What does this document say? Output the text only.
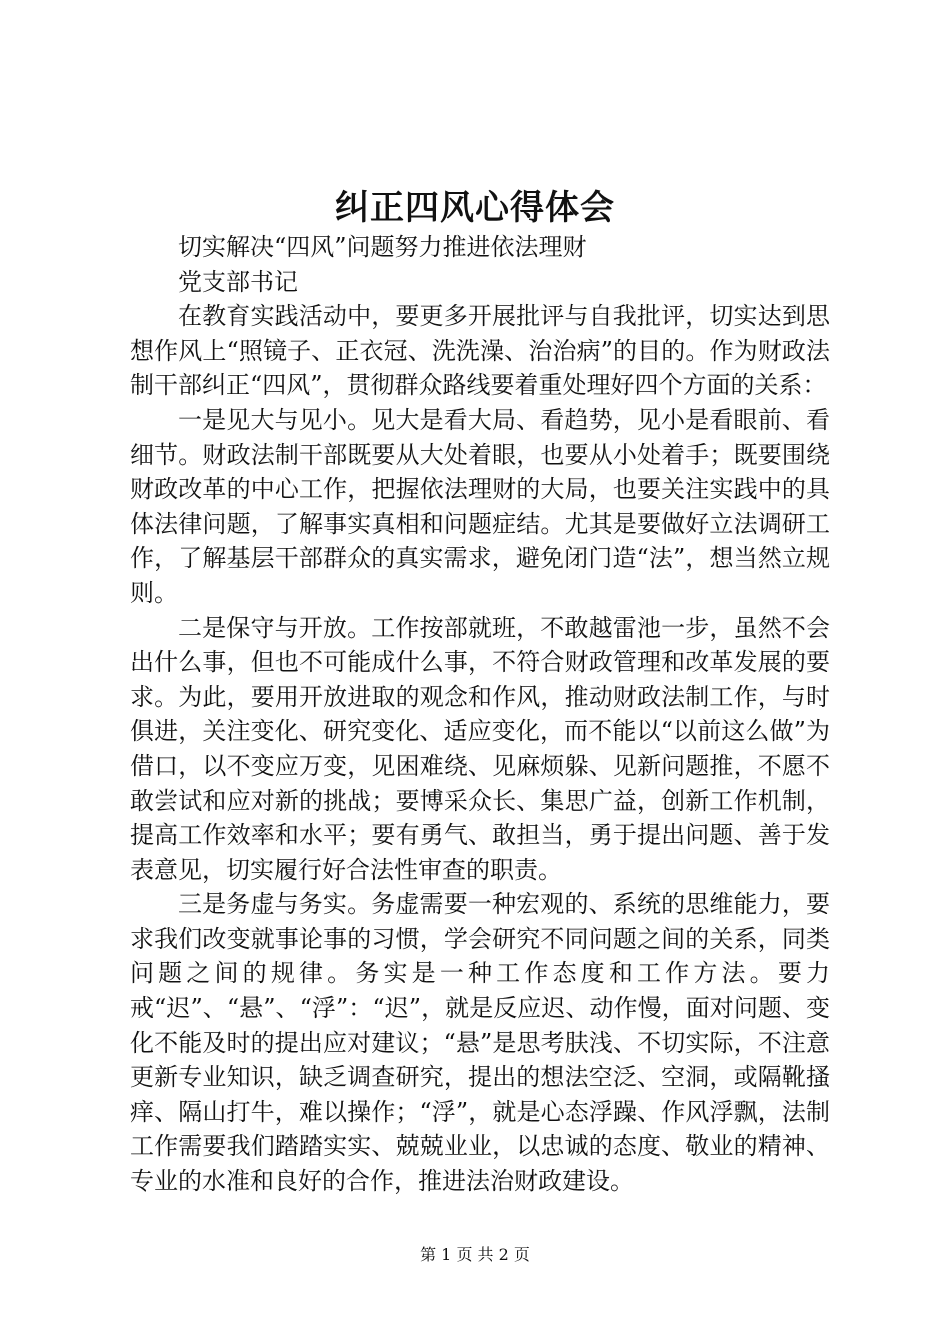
纠正四风心得体会

切实解决“四风”问题努力推进依法理财

党支部书记

在教育实践活动中，要更多开展批评与自我批评，切实达到思想作风上“照镜子、正衣冠、洗洗澡、治治病”的目的。作为财政法制干部纠正“四风”，贯彻群众路线要着重处理好四个方面的关系：

一是见大与见小。见大是看大局、看趋势，见小是看眼前、看细节。财政法制干部既要从大处着眼，也要从小处着手；既要围绕财政改革的中心工作，把握依法理财的大局，也要关注实践中的具体法律问题，了解事实真相和问题症结。尤其是要做好立法调研工作，了解基层干部群众的真实需求，避免闭门造“法”，想当然立规则。

二是保守与开放。工作按部就班，不敢越雷池一步，虽然不会出什么事，但也不可能成什么事，不符合财政管理和改革发展的要求。为此，要用开放进取的观念和作风，推动财政法制工作，与时俱进，关注变化、研究变化、适应变化，而不能以“以前这么做”为借口，以不变应万变，见困难绕、见麻烦躲、见新问题推，不愿不敢尝试和应对新的挑战；要博采众长、集思广益，创新工作机制，提高工作效率和水平；要有勇气、敢担当，勇于提出问题、善于发表意见，切实履行好合法性审查的职责。

三是务虚与务实。务虚需要一种宏观的、系统的思维能力，要求我们改变就事论事的习惯，学会研究不同问题之间的关系，同类问题之间的规律。务实是一种工作态度和工作方法。要力戒“迟”、“悬”、“浮”：“迟”，就是反应迟、动作慢，面对问题、变化不能及时的提出应对建议；“悬”是思考肤浅、不切实际，不注意更新专业知识，缺乏调查研究，提出的想法空泛、空洞，或隔靴搔痒、隔山打牛，难以操作；“浮”，就是心态浮躁、作风浮飘，法制工作需要我们踏踏实实、兢兢业业，以忠诚的态度、敬业的精神、专业的水准和良好的合作，推进法治财政建设。

第 1 页 共 2 页
